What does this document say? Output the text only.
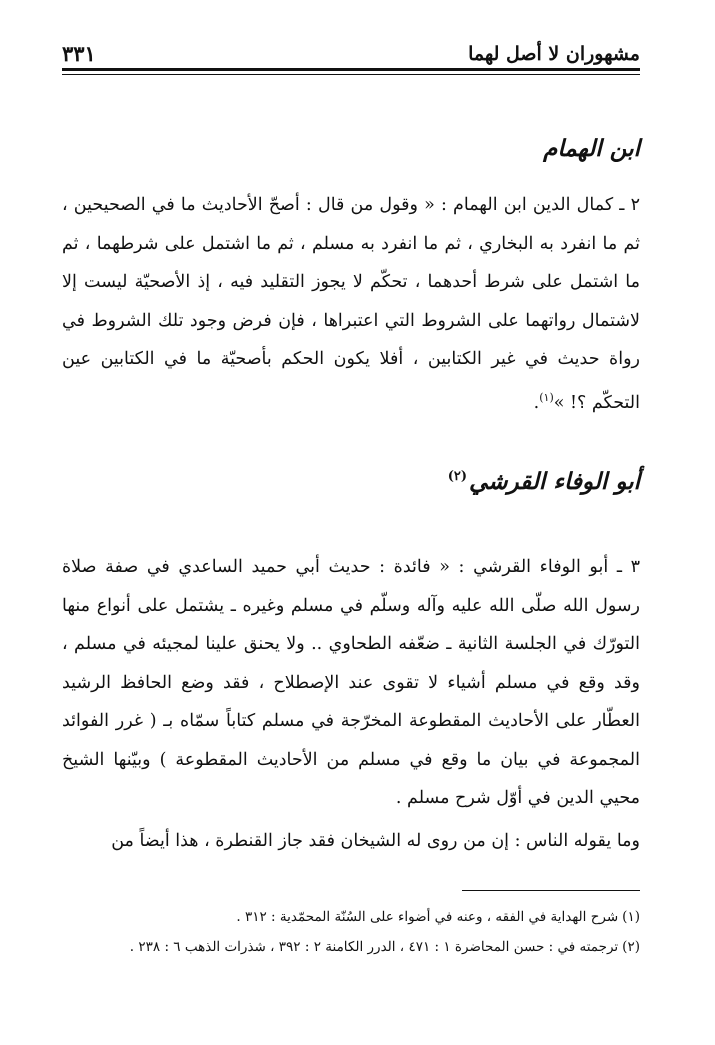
مشهوران لا أصل لهما
٣٣١
ابن الهمام
٢ ـ كمال الدين ابن الهمام : « وقول من قال : أصحّ الأحاديث ما في الصحيحين ، ثم ما انفرد به البخاري ، ثم ما انفرد به مسلم ، ثم ما اشتمل على شرطهما ، ثم ما اشتمل على شرط أحدهما ، تحكّم لا يجوز التقليد فيه ، إذ الأصحيّة ليست إلا لاشتمال رواتهما على الشروط التي اعتبراها ، فإن فرض وجود تلك الشروط في رواة حديث في غير الكتابين ، أفلا يكون الحكم بأصحيّة ما في الكتابين عين التحكّم ؟! »$^{(١)}$.
أبو الوفاء القرشي$^{(٢)}$
٣ ـ أبو الوفاء القرشي : « فائدة : حديث أبي حميد الساعدي في صفة صلاة رسول الله صلّى الله عليه وآله وسلّم في مسلم وغيره ـ يشتمل على أنواع منها التورّك في الجلسة الثانية ـ ضعّفه الطحاوي .. ولا يحنق علينا لمجيئه في مسلم ، وقد وقع في مسلم أشياء لا تقوى عند الإصطلاح ، فقد وضع الحافظ الرشيد العطّار على الأحاديث المقطوعة المخرّجة في مسلم كتاباً سمّاه بـ ( غرر الفوائد المجموعة في بيان ما وقع في مسلم من الأحاديث المقطوعة ) وبيّنها الشيخ محيي الدين في أوّل شرح مسلم .
وما يقوله الناس : إن من روى له الشيخان فقد جاز القنطرة ، هذا أيضاً من
(١)شرح الهداية في الفقه ، وعنه في أضواء على السُنّة المحمّدية : ٣١٢ .
(٢)ترجمته في : حسن المحاضرة ١ : ٤٧١ ، الدرر الكامنة ٢ : ٣٩٢ ، شذرات الذهب ٦ : ٢٣٨ .
